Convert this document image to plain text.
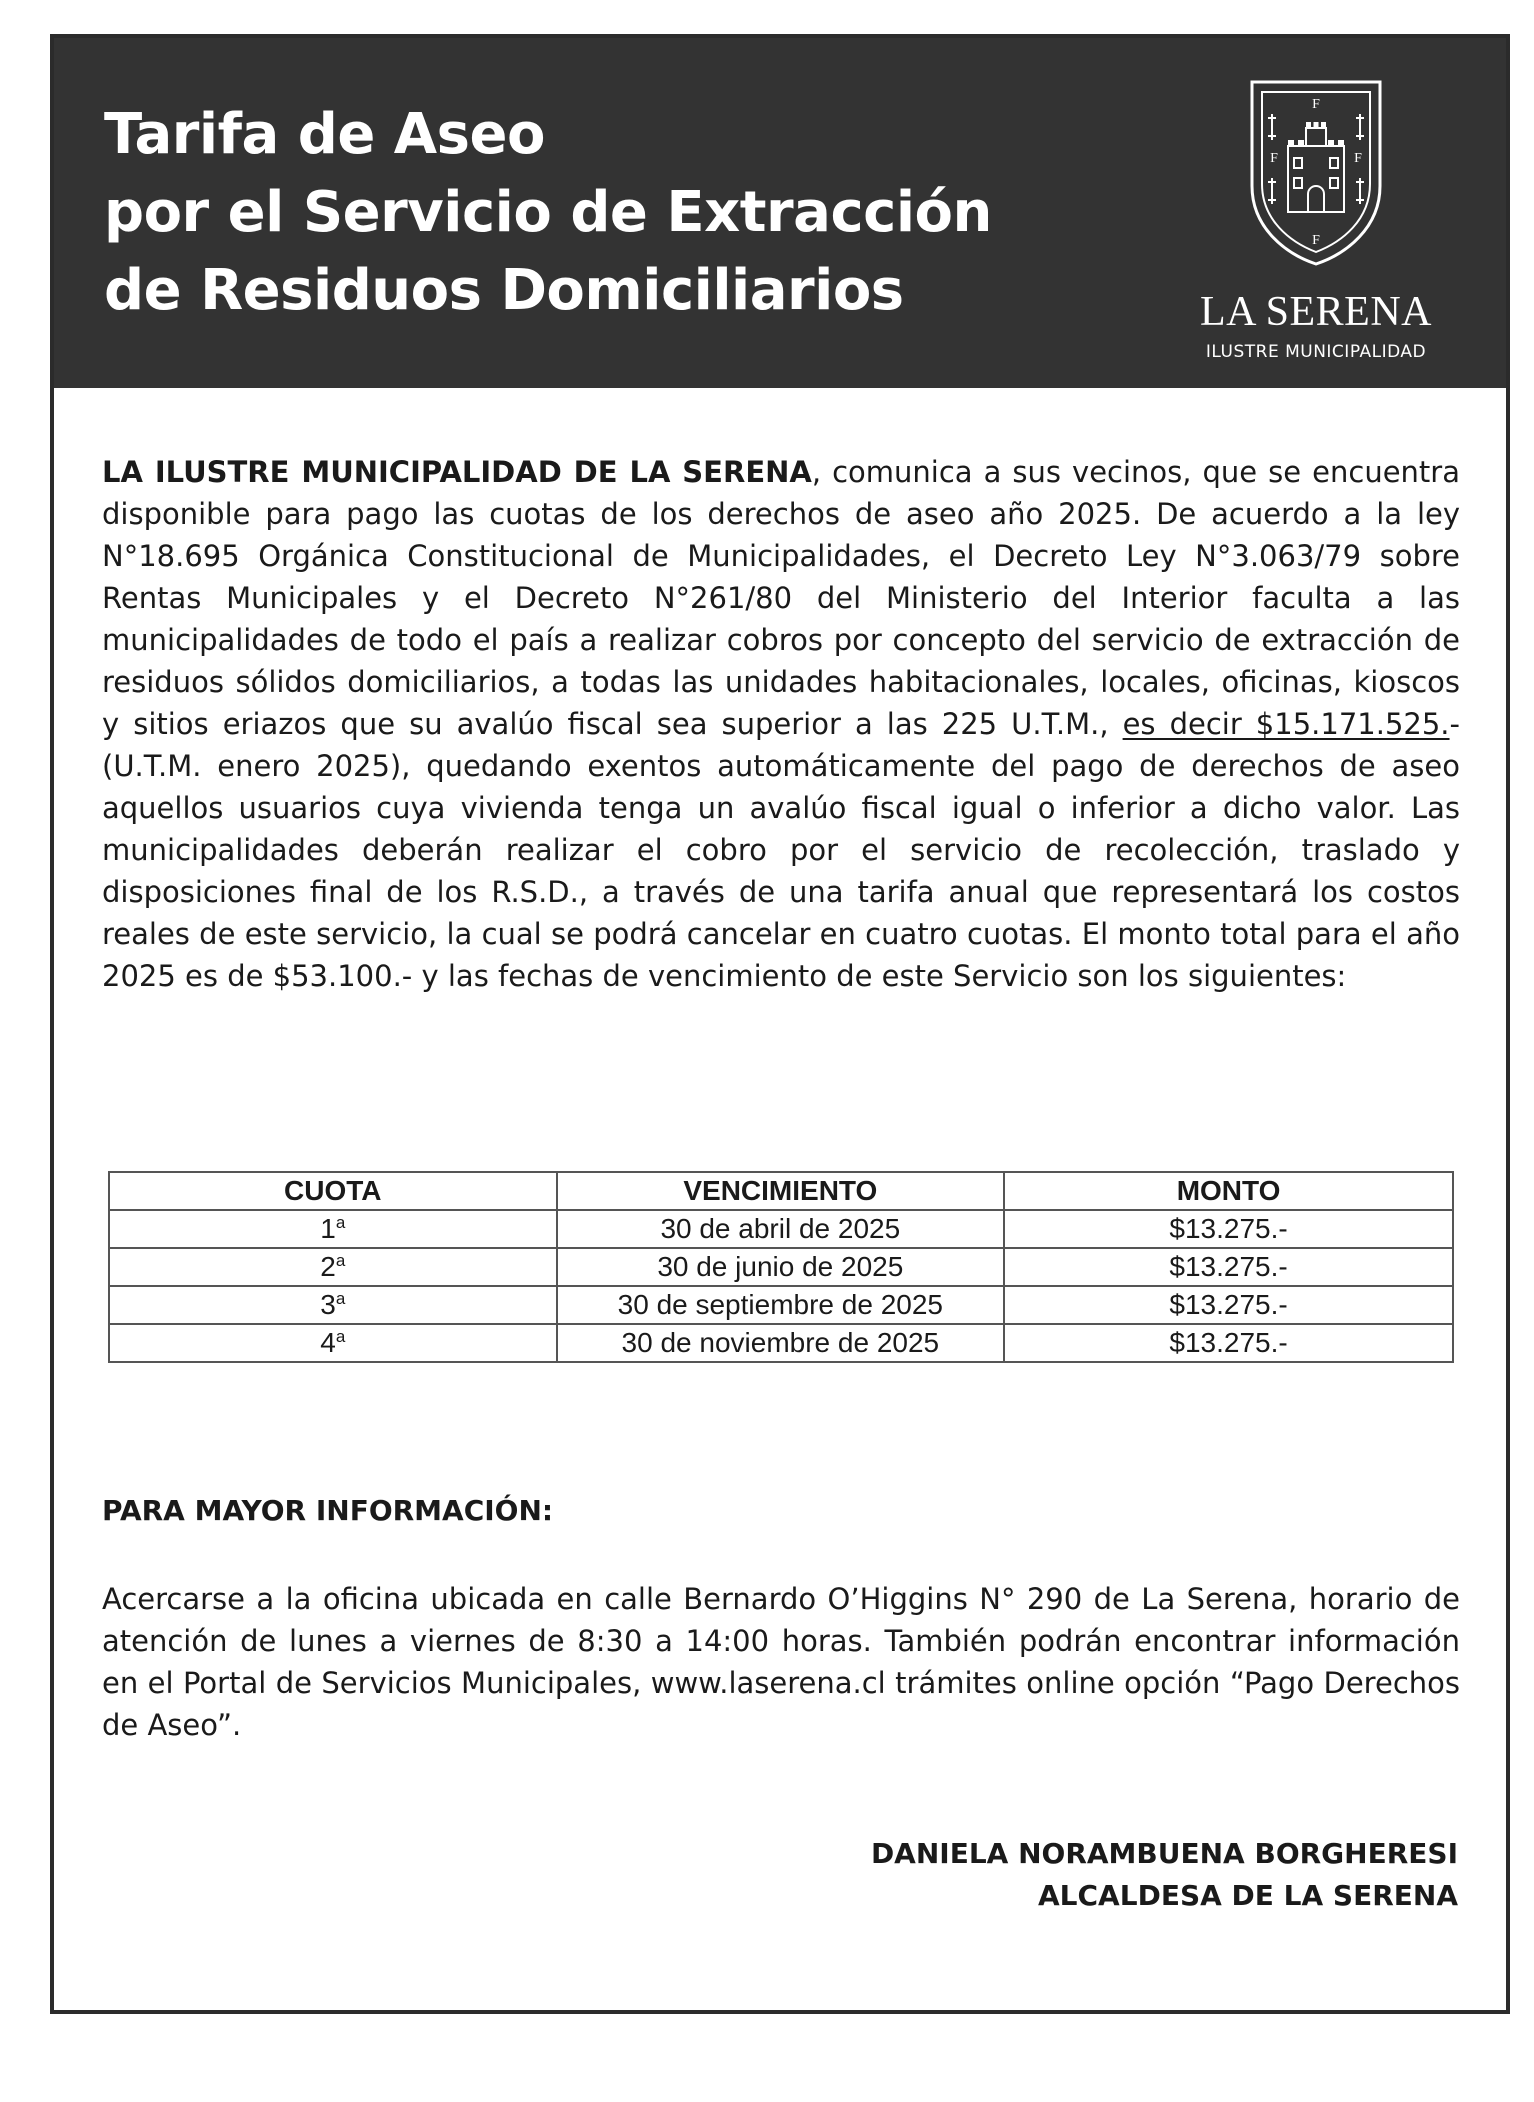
Tarifa de Aseo
por el Servicio de Extracción
de Residuos Domiciliarios
F
F	F
F
LA SERENA
ILUSTRE MUNICIPALIDAD

LA ILUSTRE MUNICIPALIDAD DE LA SERENA, comunica a sus vecinos, que se encuentra disponible para pago las cuotas de los derechos de aseo año 2025. De acuerdo a la ley N°18.695 Orgánica Constitucional de Municipalidades, el Decreto Ley N°3.063/79 sobre Rentas Municipales y el Decreto N°261/80 del Ministerio del Interior faculta a las municipalidades de todo el país a realizar cobros por concepto del servicio de extracción de residuos sólidos domiciliarios, a todas las unidades habitacionales, locales, oficinas, kioscos y sitios eriazos que su avalúo fiscal sea superior a las 225 U.T.M., es decir $15.171.525.- (U.T.M. enero 2025), quedando exentos automáticamente del pago de derechos de aseo aquellos usuarios cuya vivienda tenga un avalúo fiscal igual o inferior a dicho valor. Las municipalidades deberán realizar el cobro por el servicio de recolección, traslado y disposiciones final de los R.S.D., a través de una tarifa anual que representará los costos reales de este servicio, la cual se podrá cancelar en cuatro cuotas. El monto total para el año 2025 es de $53.100.- y las fechas de vencimiento de este Servicio son los siguientes:

CUOTA	VENCIMIENTO	MONTO
1$^a$	30 de abril de 2025	$13.275.-
2$^a$	30 de junio de 2025	$13.275.-
3$^a$	30 de septiembre de 2025	$13.275.-
4$^a$	30 de noviembre de 2025	$13.275.-
PARA MAYOR INFORMACIÓN:

Acercarse a la oficina ubicada en calle Bernardo O’Higgins N° 290 de La Serena, horario de atención de lunes a viernes de 8:30 a 14:00 horas. También podrán encontrar información en el Portal de Servicios Municipales, www.laserena.cl trámites online opción “Pago Derechos de Aseo”.

DANIELA NORAMBUENA BORGHERESI
ALCALDESA DE LA SERENA
